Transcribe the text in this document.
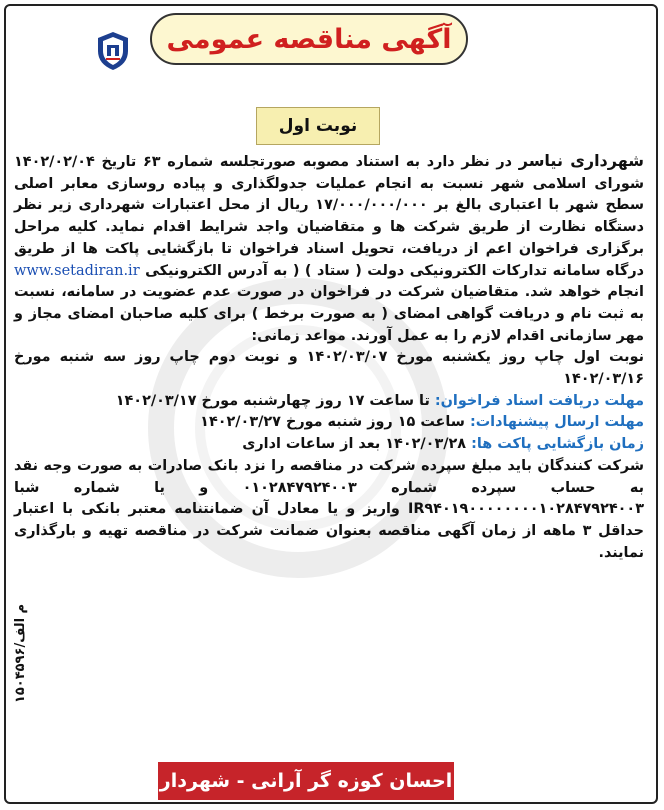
آگهی مناقصه عمومی
نوبت اول

شهرداری نیاسر در نظر دارد به استناد مصوبه صورتجلسه شماره ۶۳ تاریخ ۱۴۰۲/۰۲/۰۴ شورای اسلامی شهر نسبت به انجام عملیات جدولگذاری و پیاده روسازی معابر اصلی سطح شهر با اعتباری بالغ بر ۱۷/۰۰۰/۰۰۰/۰۰۰ ریال از محل اعتبارات شهرداری زیر نظر دستگاه نظارت از طریق شرکت ها و متقاضیان واجد شرایط اقدام نماید. کلیه مراحل برگزاری فراخوان اعم از دریافت، تحویل اسناد فراخوان تا بازگشایی پاکت ها از طریق درگاه سامانه تدارکات الکترونیکی دولت ( ستاد ) ( به آدرس الکترونیکی www.setadiran.ir انجام خواهد شد. متقاضیان شرکت در فراخوان در صورت عدم عضویت در سامانه، نسبت به ثبت نام و دریافت گواهی امضای ( به صورت برخط ) برای کلیه صاحبان امضای مجاز و مهر سازمانی اقدام لازم را به عمل آورند. مواعد زمانی:

نوبت اول چاپ روز یکشنبه مورخ ۱۴۰۲/۰۳/۰۷ و نوبت دوم چاپ روز سه شنبه مورخ ۱۴۰۲/۰۳/۱۶

مهلت دریافت اسناد فراخوان: تا ساعت ۱۷ روز چهارشنبه مورخ ۱۴۰۲/۰۳/۱۷

مهلت ارسال پیشنهادات: ساعت ۱۵ روز شنبه مورخ ۱۴۰۲/۰۳/۲۷

زمان بازگشایی پاکت ها: ۱۴۰۲/۰۳/۲۸ بعد از ساعات اداری

شرکت کنندگان باید مبلغ سپرده شرکت در مناقصه را نزد بانک صادرات به صورت وجه نقد به حساب سپرده شماره ۰۱۰۲۸۴۷۹۲۴۰۰۳ و یا شماره شبا IR۹۴۰۱۹۰۰۰۰۰۰۰۰۱۰۲۸۴۷۹۲۴۰۰۳ واریز و یا معادل آن ضمانتنامه معتبر بانکی با اعتبار حداقل ۳ ماهه از زمان آگهی مناقصه بعنوان ضمانت شرکت در مناقصه تهیه و بارگذاری نمایند.

م الف/۱۵۰۴۵۹۶
احسان کوزه گر آرانی - شهردار
